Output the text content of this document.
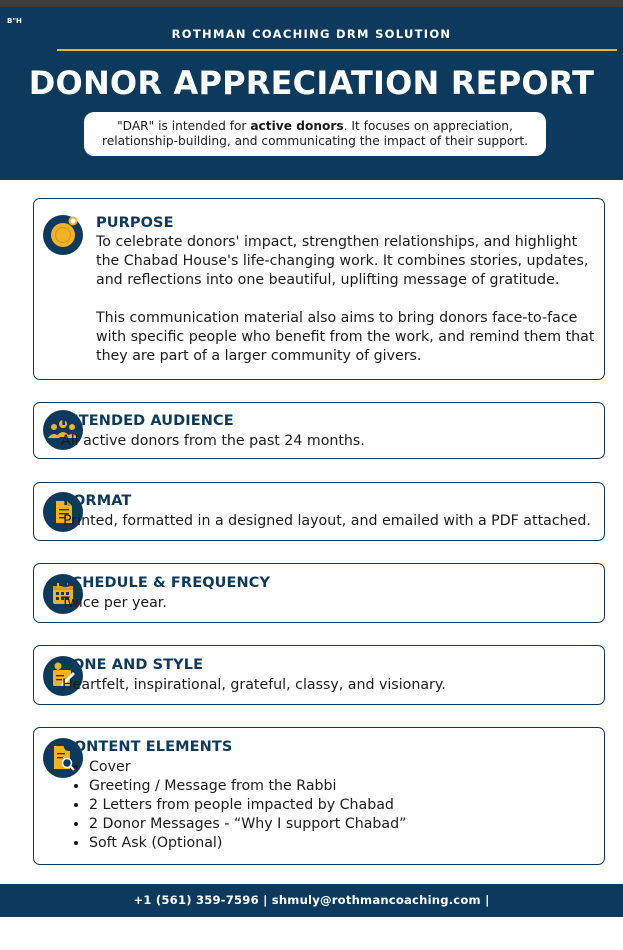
B"H
ROTHMAN COACHING DRM SOLUTION
DONOR APPRECIATION REPORT
"DAR" is intended for active donors. It focuses on appreciation, relationship-building, and communicating the impact of their support.
PURPOSE

To celebrate donors' impact, strengthen relationships, and highlight the Chabad House's life-changing work. It combines stories, updates, and reflections into one beautiful, uplifting message of gratitude.

This communication material also aims to bring donors face-to-face with specific people who benefit from the work, and remind them that they are part of a larger community of givers.

INTENDED AUDIENCE
All active donors from the past 24 months.
FORMAT
Printed, formatted in a designed layout, and emailed with a PDF attached.
SCHEDULE & FREQUENCY
Twice per year.
TONE AND STYLE
Heartfelt, inspirational, grateful, classy, and visionary.
CONTENT ELEMENTS
• Cover
• Greeting / Message from the Rabbi
• 2 Letters from people impacted by Chabad
• 2 Donor Messages - “Why I support Chabad”
• Soft Ask (Optional)
+1 (561) 359-7596 | shmuly@rothmancoaching.com | https://www.rothmancoaching.com/DRM
